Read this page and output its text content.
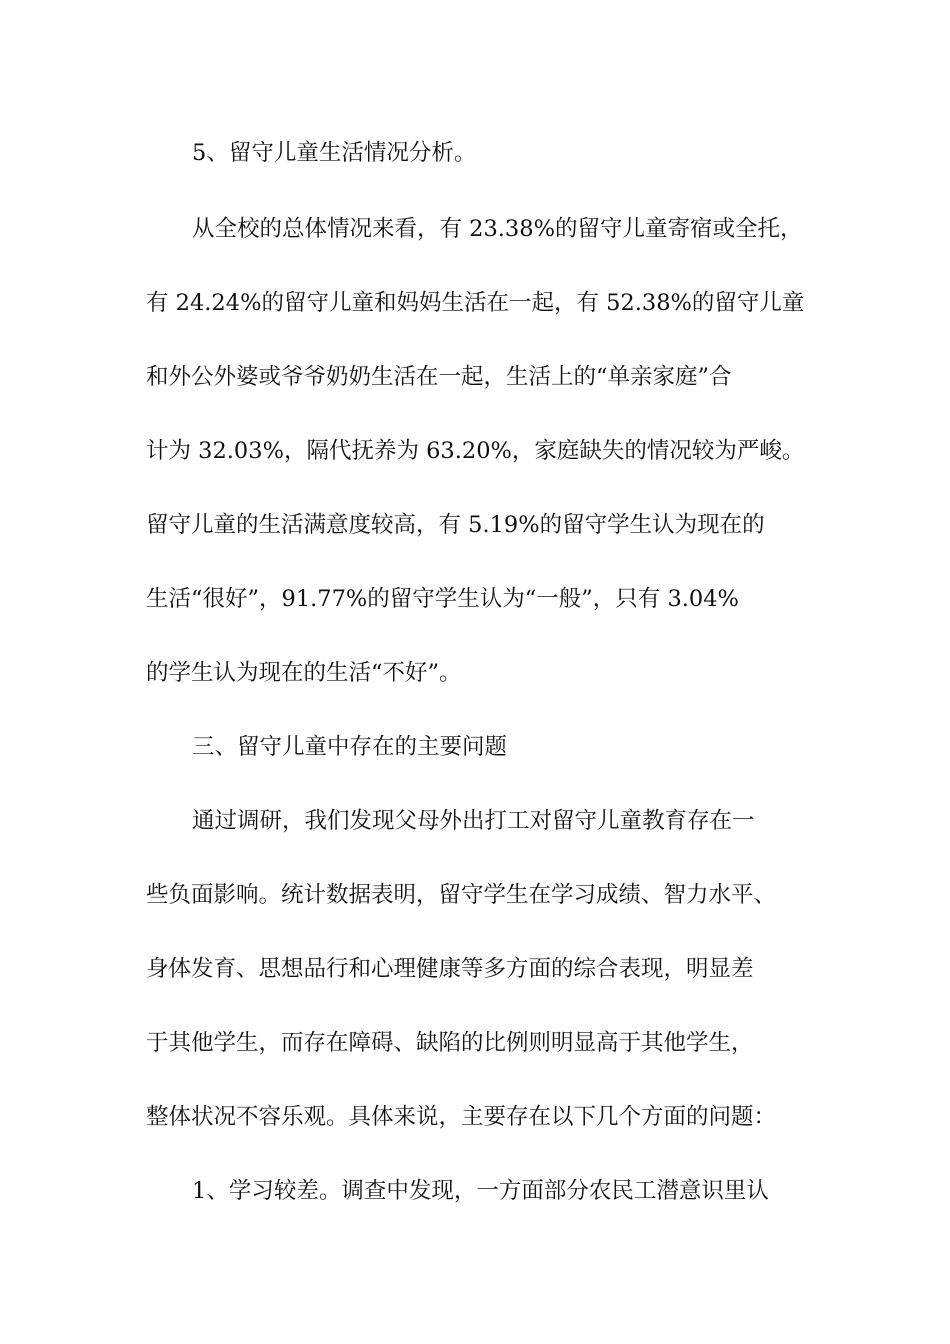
5、留守儿童生活情况分析。
从全校的总体情况来看，有 23.38%的留守儿童寄宿或全托，
有 24.24%的留守儿童和妈妈生活在一起，有 52.38%的留守儿童
和外公外婆或爷爷奶奶生活在一起，生活上的“单亲家庭”合
计为 32.03%，隔代抚养为 63.20%，家庭缺失的情况较为严峻。
留守儿童的生活满意度较高，有 5.19%的留守学生认为现在的
生活“很好”，91.77%的留守学生认为“一般”，只有 3.04%
的学生认为现在的生活“不好”。
三、留守儿童中存在的主要问题
通过调研，我们发现父母外出打工对留守儿童教育存在一
些负面影响。统计数据表明，留守学生在学习成绩、智力水平、
身体发育、思想品行和心理健康等多方面的综合表现，明显差
于其他学生，而存在障碍、缺陷的比例则明显高于其他学生，
整体状况不容乐观。具体来说，主要存在以下几个方面的问题：
1、学习较差。调查中发现，一方面部分农民工潜意识里认
